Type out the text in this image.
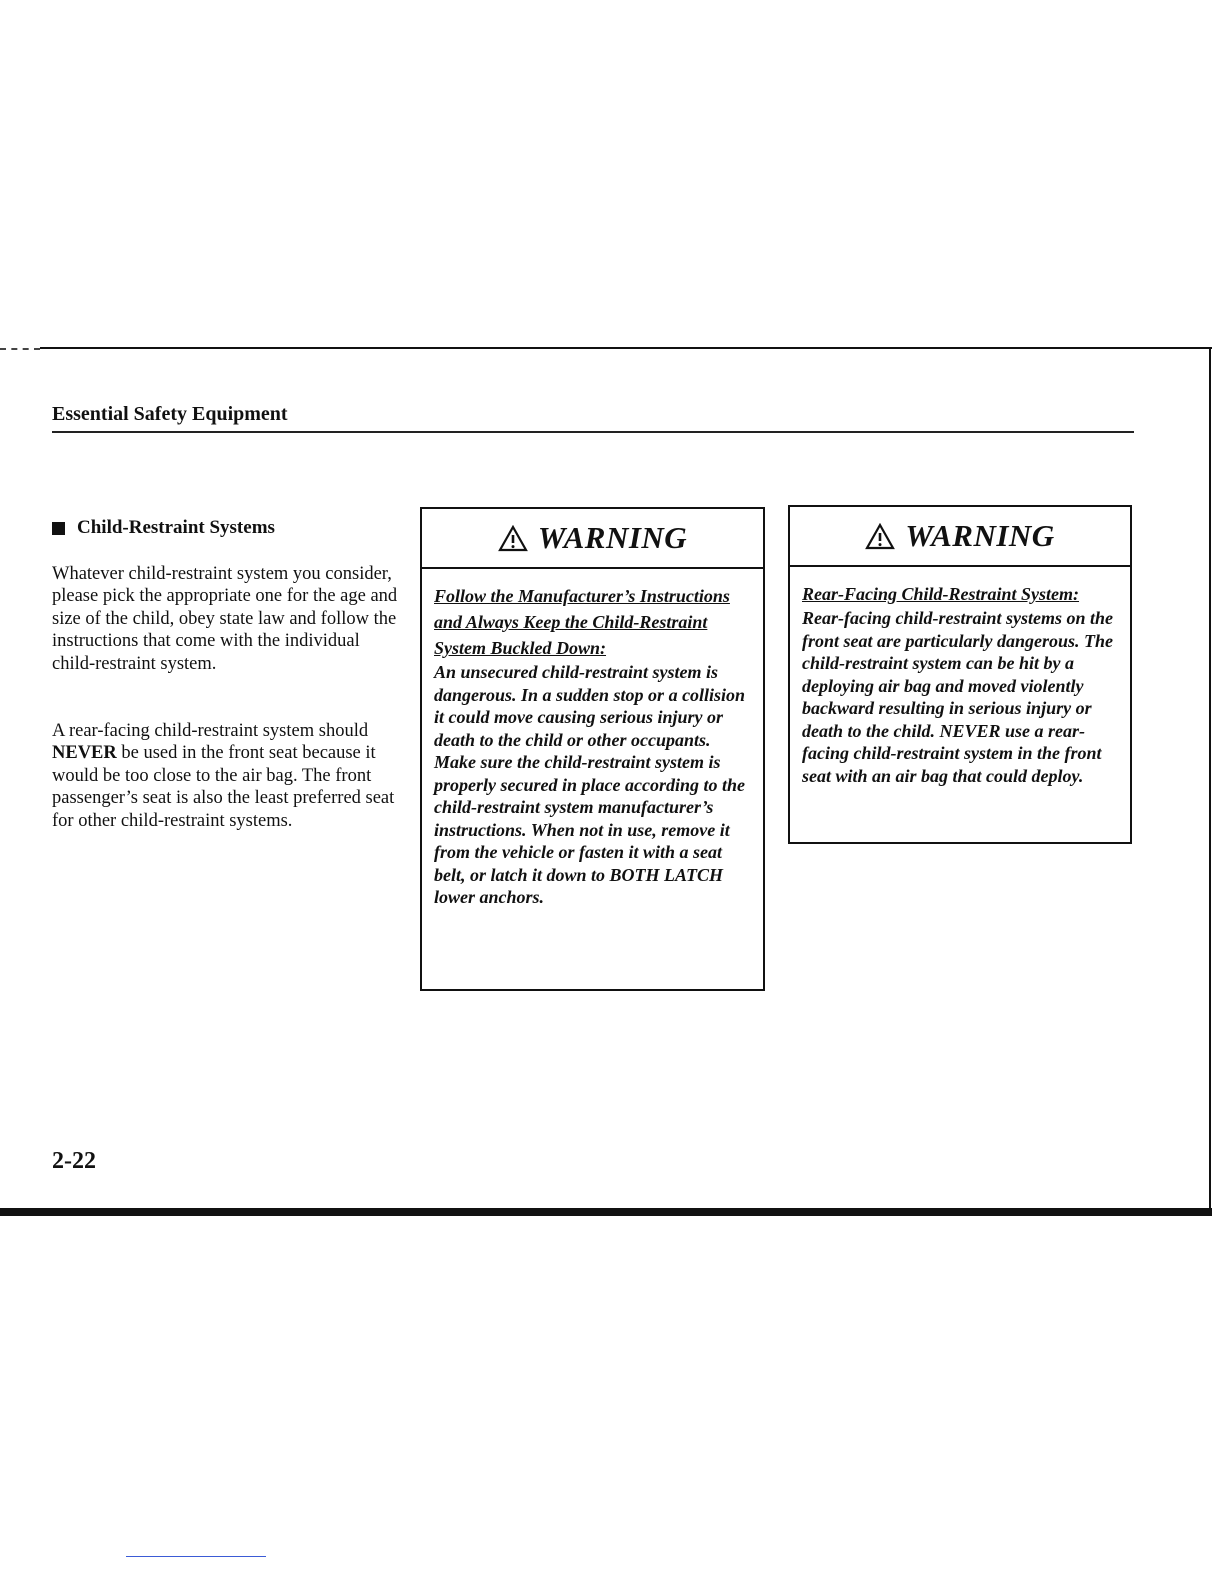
Essential Safety Equipment
Child-Restraint Systems

Whatever child-restraint system you consider, please pick the appropriate one for the age and size of the child, obey state law and follow the instructions that come with the individual child-restraint system.

A rear-facing child-restraint system should NEVER be used in the front seat because it would be too close to the air bag. The front passenger’s seat is also the least preferred seat for other child-restraint systems.

WARNING
Follow the Manufacturer’s Instructions and Always Keep the Child-Restraint System Buckled Down:
An unsecured child-restraint system is dangerous. In a sudden stop or a collision it could move causing serious injury or death to the child or other occupants.
Make sure the child-restraint system is properly secured in place according to the child-restraint system manufacturer’s instructions. When not in use, remove it from the vehicle or fasten it with a seat belt, or latch it down to BOTH LATCH lower anchors.
WARNING
Rear-Facing Child-Restraint System:
Rear-facing child-restraint systems on the front seat are particularly dangerous. The child-restraint system can be hit by a deploying air bag and moved violently backward resulting in serious injury or death to the child. NEVER use a rear-facing child-restraint system in the front seat with an air bag that could deploy.

2-22
